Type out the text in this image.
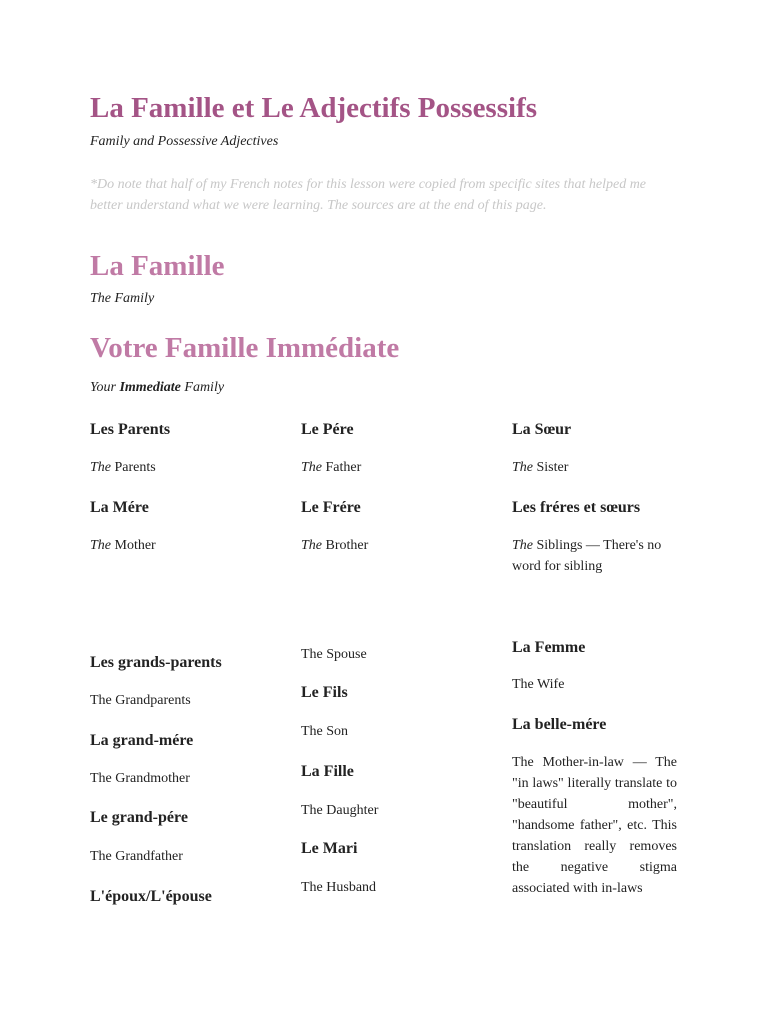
La Famille et Le Adjectifs Possessifs
Family and Possessive Adjectives
*Do note that half of my French notes for this lesson were copied from specific sites that helped me better understand what we were learning. The sources are at the end of this page.
La Famille
The Family
Votre Famille Immédiate
Your Immediate Family
Les Parents
The Parents
Le Pére
The Father
La Sœur
The Sister
La Mére
The Mother
Le Frére
The Brother
Les fréres et sœurs
The Siblings — There's no word for sibling
Les grands-parents
The Grandparents
La grand-mére
The Grandmother
Le grand-pére
The Grandfather
L'époux/L'épouse
The Spouse
Le Fils
The Son
La Fille
The Daughter
Le Mari
The Husband
La Femme
The Wife
La belle-mére
The Mother-in-law — The "in laws" literally translate to "beautiful mother", "handsome father", etc. This translation really removes the negative stigma associated with in-laws
